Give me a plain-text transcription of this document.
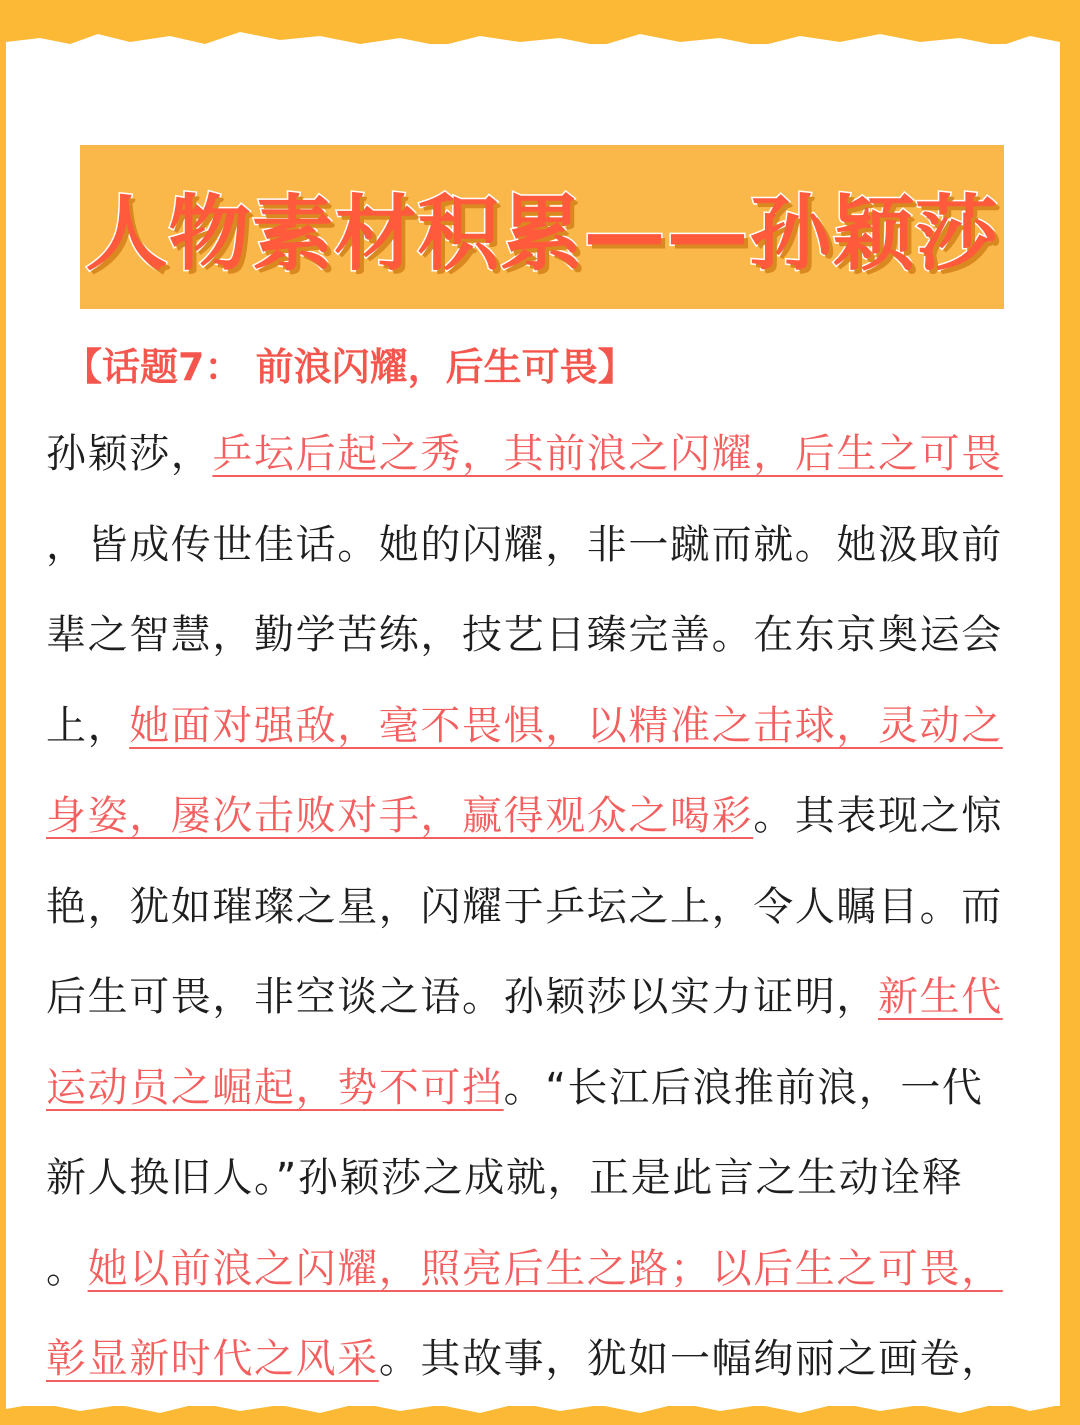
人物素材积累——孙颖莎
【话题7： 前浪闪耀，后生可畏】
孙颖莎，乒坛后起之秀，其前浪之闪耀，后生之可畏
，皆成传世佳话。她的闪耀，非一蹴而就。她汲取前
辈之智慧，勤学苦练，技艺日臻完善。在东京奥运会
上，她面对强敌，毫不畏惧，以精准之击球，灵动之
身姿，屡次击败对手，赢得观众之喝彩。其表现之惊
艳，犹如璀璨之星，闪耀于乒坛之上，令人瞩目。而
后生可畏，非空谈之语。孙颖莎以实力证明，新生代
运动员之崛起，势不可挡。“长江后浪推前浪，一代
新人换旧人。”孙颖莎之成就，正是此言之生动诠释
。她以前浪之闪耀，照亮后生之路；以后生之可畏，
彰显新时代之风采。其故事，犹如一幅绚丽之画卷，
